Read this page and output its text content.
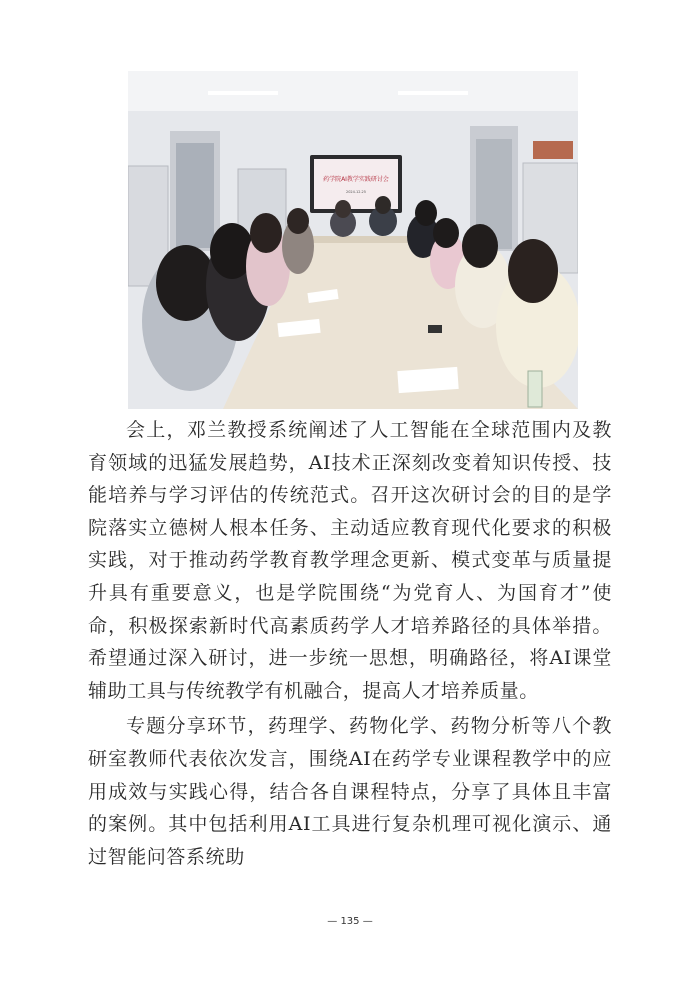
药学院AI教学实践研讨会
2024.12.25

会上，邓兰教授系统阐述了人工智能在全球范围内及教育领域的迅猛发展趋势，AI技术正深刻改变着知识传授、技能培养与学习评估的传统范式。召开这次研讨会的目的是学院落实立德树人根本任务、主动适应教育现代化要求的积极实践，对于推动药学教育教学理念更新、模式变革与质量提升具有重要意义，也是学院围绕“为党育人、为国育才”使命，积极探索新时代高素质药学人才培养路径的具体举措。希望通过深入研讨，进一步统一思想，明确路径，将AI课堂辅助工具与传统教学有机融合，提高人才培养质量。

专题分享环节，药理学、药物化学、药物分析等八个教研室教师代表依次发言，围绕AI在药学专业课程教学中的应用成效与实践心得，结合各自课程特点，分享了具体且丰富的案例。其中包括利用AI工具进行复杂机理可视化演示、通过智能问答系统助

— 135 —
